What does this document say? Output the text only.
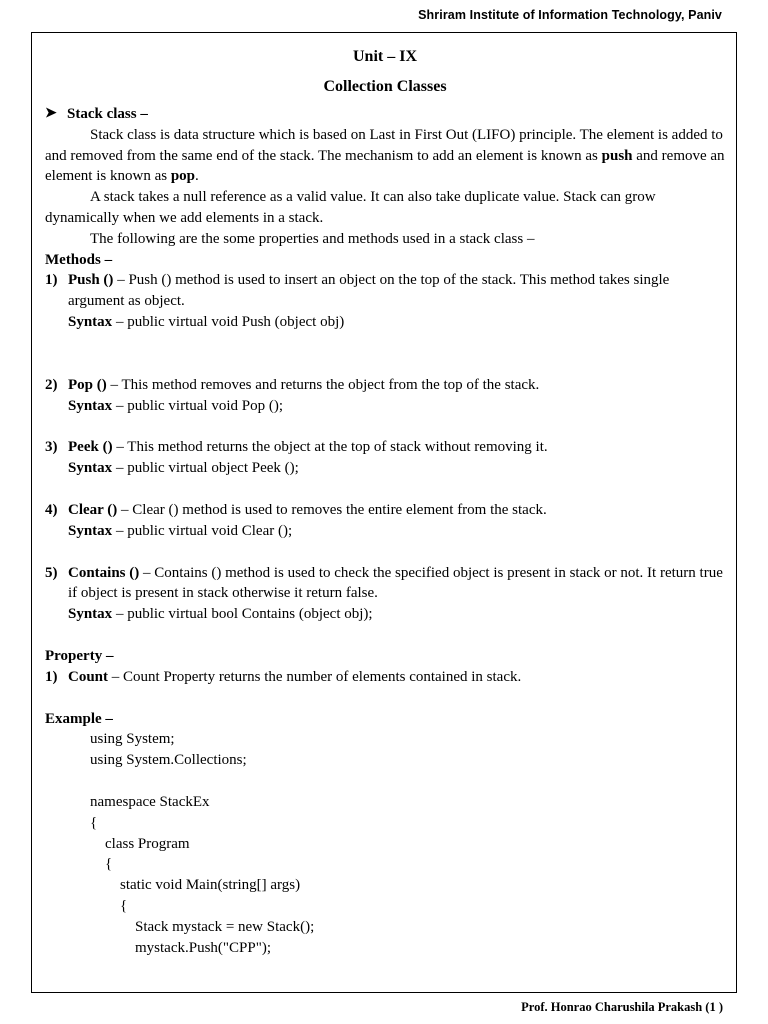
Shriram Institute of Information Technology, Paniv
Unit – IX
Collection Classes
➤ Stack class –

Stack class is data structure which is based on Last in First Out (LIFO) principle. The element is added to and removed from the same end of the stack. The mechanism to add an element is known as push and remove an element is known as pop.

A stack takes a null reference as a valid value. It can also take duplicate value. Stack can grow dynamically when we add elements in a stack.

The following are the some properties and methods used in a stack class –

Methods –
1) Push () – Push () method is used to insert an object on the top of the stack. This method takes single argument as object.

Syntax – public virtual void Push (object obj)

2) Pop () – This method removes and returns the object from the top of the stack.

Syntax – public virtual void Pop ();

3) Peek () – This method returns the object at the top of stack without removing it.

Syntax – public virtual object Peek ();

4) Clear () – Clear () method is used to removes the entire element from the stack.

Syntax – public virtual void Clear ();

5) Contains () – Contains () method is used to check the specified object is present in stack or not. It return true if object is present in stack otherwise it return false.

Syntax – public virtual bool Contains (object obj);

Property –
1) Count – Count Property returns the number of elements contained in stack.

Example –
using System;
using System.Collections;
namespace StackEx
{
class Program
{
static void Main(string[] args)
{
Stack mystack = new Stack();
mystack.Push("CPP");
Prof. Honrao Charushila Prakash (1 )
